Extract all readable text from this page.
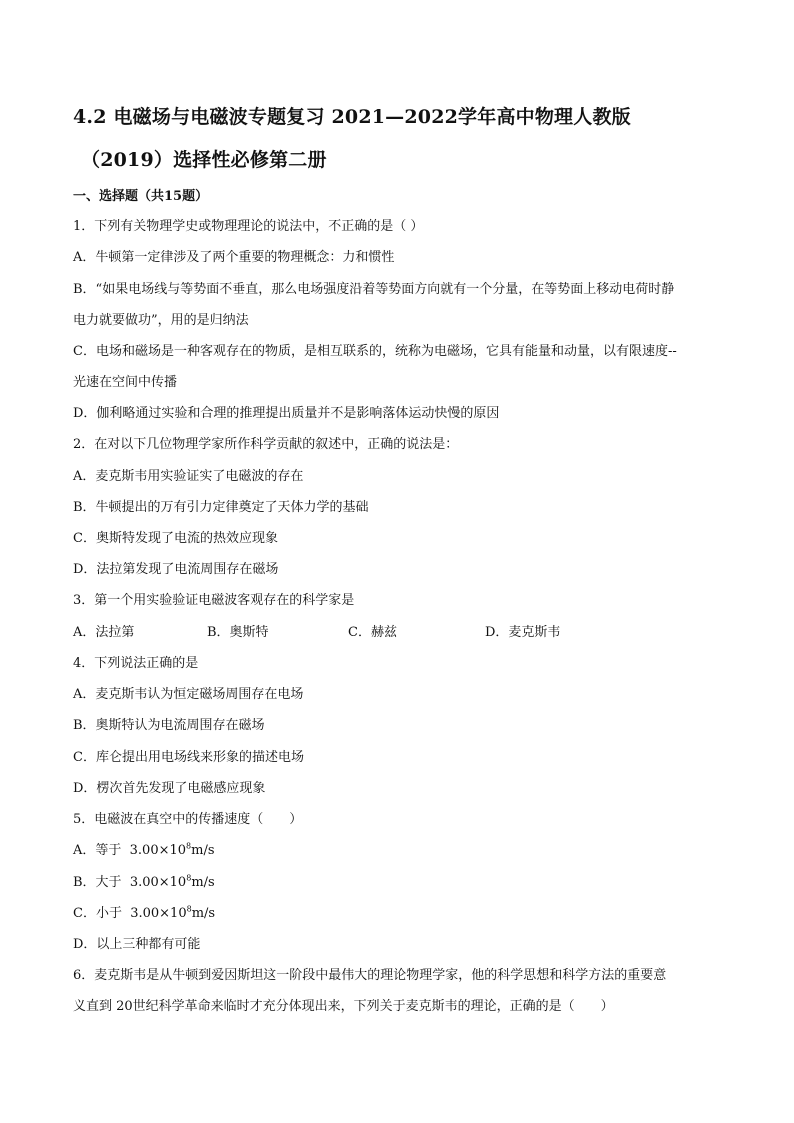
4.2 电磁场与电磁波专题复习 2021—2022学年高中物理人教版
（2019）选择性必修第二册
一、选择题（共15题）
1．下列有关物理学史或物理理论的说法中，不正确的是（ ）
A．牛顿第一定律涉及了两个重要的物理概念：力和惯性
B．“如果电场线与等势面不垂直，那么电场强度沿着等势面方向就有一个分量，在等势面上移动电荷时静
电力就要做功”，用的是归纳法
C．电场和磁场是一种客观存在的物质，是相互联系的，统称为电磁场，它具有能量和动量，以有限速度--
光速在空间中传播
D．伽利略通过实验和合理的推理提出质量并不是影响落体运动快慢的原因
2．在对以下几位物理学家所作科学贡献的叙述中，正确的说法是：
A．麦克斯韦用实验证实了电磁波的存在
B．牛顿提出的万有引力定律奠定了天体力学的基础
C．奥斯特发现了电流的热效应现象
D．法拉第发现了电流周围存在磁场
3．第一个用实验验证电磁波客观存在的科学家是
A．法拉第	B．奥斯特	C．赫兹	D．麦克斯韦
4．下列说法正确的是
A．麦克斯韦认为恒定磁场周围存在电场
B．奥斯特认为电流周围存在磁场
C．库仑提出用电场线来形象的描述电场
D．楞次首先发现了电磁感应现象
5．电磁波在真空中的传播速度（　　）
A．等于 $3.00\times 10^8m/s$
B．大于 $3.00\times 10^8m/s$
C．小于 $3.00\times 10^8m/s$
D．以上三种都有可能
6．麦克斯韦是从牛顿到爱因斯坦这一阶段中最伟大的理论物理学家，他的科学思想和科学方法的重要意
义直到 20世纪科学革命来临时才充分体现出来，下列关于麦克斯韦的理论，正确的是（　　）
